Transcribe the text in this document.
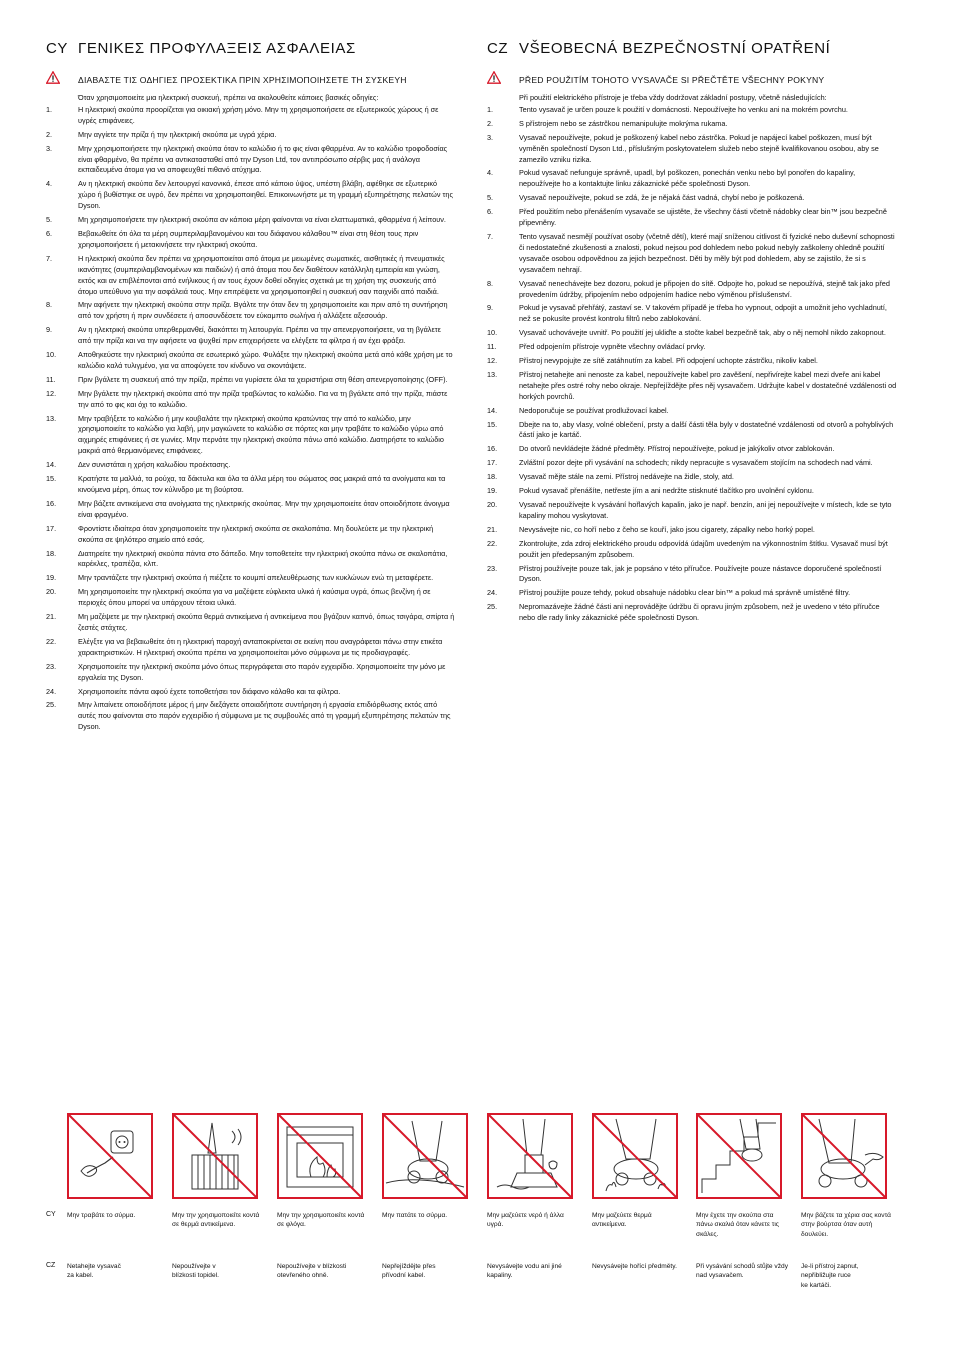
CY ΓΕΝΙΚΕΣ ΠΡΟΦΥΛΑΞΕΙΣ ΑΣΦΑΛΕΙΑΣ
ΔΙΑΒΑΣΤΕ ΤΙΣ ΟΔΗΓΙΕΣ ΠΡΟΣΕΚΤΙΚΑ ΠΡΙΝ ΧΡΗΣΙΜΟΠΟΙΗΣΕΤΕ ΤΗ ΣΥΣΚΕΥΗ
Όταν χρησιμοποιείτε μια ηλεκτρική συσκευή, πρέπει να ακολουθείτε κάποιες βασικές οδηγίες:
1.	Η ηλεκτρική σκούπα προορίζεται για οικιακή χρήση μόνο. Μην τη χρησιμοποιήσετε σε εξωτερικούς χώρους ή σε υγρές επιφάνειες.
2.	Μην αγγίετε την πρίζα ή την ηλεκτρική σκούπα με υγρά χέρια.
3.	Μην χρησιμοποιήσετε την ηλεκτρική σκούπα όταν το καλώδιο ή το φις είναι φθαρμένα. Αν το καλώδιο τροφοδοσίας είναι φθαρμένο, θα πρέπει να αντικατασταθεί από την Dyson Ltd, τον αντιπρόσωπο σέρβις μας ή ανάλογα εκπαιδευμένα άτομα για να αποφευχθεί πιθανό ατύχημα.
4.	Αν η ηλεκτρική σκούπα δεν λειτουργεί κανονικά, έπεσε από κάποιο ύψος, υπέστη βλάβη, αφέθηκε σε εξωτερικό χώρο ή βυθίστηκε σε υγρό, δεν πρέπει να χρησιμοποιηθεί. Επικοινωνήστε με τη γραμμή εξυπηρέτησης πελατών της Dyson.
5.	Μη χρησιμοποιήσετε την ηλεκτρική σκούπα αν κάποια μέρη φαίνονται να είναι ελαττωματικά, φθαρμένα ή λείπουν.
6.	Βεβαιωθείτε ότι όλα τα μέρη συμπεριλαμβανομένου και του διάφανου κάλαθου™ είναι στη θέση τους πριν χρησιμοποιήσετε ή μετακινήσετε την ηλεκτρική σκούπα.
7.	Η ηλεκτρική σκούπα δεν πρέπει να χρησιμοποιείται από άτομα με μειωμένες σωματικές, αισθητικές ή πνευματικές ικανότητες (συμπεριλαμβανομένων και παιδιών) ή από άτομα που δεν διαθέτουν κατάλληλη εμπειρία και γνώση, εκτός και αν επιβλέπονται από ενήλικους ή αν τους έχουν δοθεί οδηγίες σχετικά με τη χρήση της συσκευής από άτομο υπεύθυνο για την ασφάλειά τους. Μην επιτρέψετε να χρησιμοποιηθεί η συσκευή σαν παιχνίδι από παιδιά.
8.	Μην αφήνετε την ηλεκτρική σκούπα στην πρίζα. Βγάλτε την όταν δεν τη χρησιμοποιείτε και πριν από τη συντήρηση από τον χρήστη ή πριν συνδέσετε ή αποσυνδέσετε τον εύκαμπτο σωλήνα ή αλλάξετε αξεσουάρ.
9.	Αν η ηλεκτρική σκούπα υπερθερμανθεί, διακόπτει τη λειτουργία. Πρέπει να την απενεργοποιήσετε, να τη βγάλετε από την πρίζα και να την αφήσετε να ψυχθεί πριν επιχειρήσετε να ελέγξετε τα φίλτρα ή αν έχει φράξει.
10.	Αποθηκεύστε την ηλεκτρική σκούπα σε εσωτερικό χώρο. Φυλάξτε την ηλεκτρική σκούπα μετά από κάθε χρήση με το καλώδιο καλά τυλιγμένο, για να αποφύγετε τον κίνδυνο να σκοντάψετε.
11.	Πριν βγάλετε τη συσκευή από την πρίζα, πρέπει να γυρίσετε όλα τα χειριστήρια στη θέση απενεργοποίησης (OFF).
12.	Μην βγάλετε την ηλεκτρική σκούπα από την πρίζα τραβώντας το καλώδιο. Για να τη βγάλετε από την πρίζα, πιάστε την από το φις και όχι το καλώδιο.
13.	Μην τραβήξετε το καλώδιο ή μην κουβαλάτε την ηλεκτρική σκούπα κρατώντας την από το καλώδιο, μην χρησιμοποιείτε το καλώδιο για λαβή, μην μαγκώνετε το καλώδιο σε πόρτες και μην τραβάτε το καλώδιο γύρω από αιχμηρές επιφάνειες ή σε γωνίες. Μην περνάτε την ηλεκτρική σκούπα πάνω από καλώδιο. Διατηρήστε το καλώδιο μακριά από θερμαινόμενες επιφάνειες.
14.	Δεν συνιστάται η χρήση καλωδίου προέκτασης.
15.	Κρατήστε τα μαλλιά, τα ρούχα, τα δάκτυλα και όλα τα άλλα μέρη του σώματος σας μακριά από τα ανοίγματα και τα κινούμενα μέρη, όπως τον κύλινδρο με τη βούρτσα.
16.	Μην βάζετε αντικείμενα στα ανοίγματα της ηλεκτρικής σκούπας. Μην την χρησιμοποιείτε όταν οποιοδήποτε άνοιγμα είναι φραγμένο.
17.	Φροντίστε ιδιαίτερα όταν χρησιμοποιείτε την ηλεκτρική σκούπα σε σκαλοπάτια. Μη δουλεύετε με την ηλεκτρική σκούπα σε ψηλότερο σημείο από εσάς.
18.	Διατηρείτε την ηλεκτρική σκούπα πάντα στο δάπεδο. Μην τοποθετείτε την ηλεκτρική σκούπα πάνω σε σκαλοπάτια, καρέκλες, τραπέζια, κλπ.
19.	Μην τραντάζετε την ηλεκτρική σκούπα ή πιέζετε το κουμπί απελευθέρωσης των κυκλώνων ενώ τη μεταφέρετε.
20.	Μη χρησιμοποιείτε την ηλεκτρική σκούπα για να μαζέψετε εύφλεκτα υλικά ή καύσιμα υγρά, όπως βενζίνη ή σε περιοχές όπου μπορεί να υπάρχουν τέτοια υλικά.
21.	Μη μαζέψετε με την ηλεκτρική σκούπα θερμά αντικείμενα ή αντικείμενα που βγάζουν καπνό, όπως τσιγάρα, σπίρτα ή ζεστές στάχτες.
22.	Ελέγξτε για να βεβαιωθείτε ότι η ηλεκτρική παροχή ανταποκρίνεται σε εκείνη που αναγράφεται πάνω στην ετικέτα χαρακτηριστικών. Η ηλεκτρική σκούπα πρέπει να χρησιμοποιείται μόνο σύμφωνα με τις προδιαγραφές.
23.	Χρησιμοποιείτε την ηλεκτρική σκούπα μόνο όπως περιγράφεται στο παρόν εγχειρίδιο. Χρησιμοποιείτε την μόνο με εργαλεία της Dyson.
24.	Χρησιμοποιείτε πάντα αφού έχετε τοποθετήσει τον διάφανο κάλαθο και τα φίλτρα.
25.	Μην λιπαίνετε οποιοδήποτε μέρος ή μην διεξάγετε οποιαδήποτε συντήρηση ή εργασία επιδιόρθωσης εκτός από αυτές που φαίνονται στο παρόν εγχειρίδιο ή σύμφωνα με τις συμβουλές από τη γραμμή εξυπηρέτησης πελατών της Dyson.
CZ VŠEOBECNÁ BEZPEČNOSTNÍ OPATŘENÍ
PŘED POUŽITÍM TOHOTO VYSAVAČE SI PŘEČTĚTE VŠECHNY POKYNY
Při použití elektrického přístroje je třeba vždy dodržovat základní postupy, včetně následujících:
1.	Tento vysavač je určen pouze k použití v domácnosti. Nepoužívejte ho venku ani na mokrém povrchu.
2.	S přístrojem nebo se zástrčkou nemanipulujte mokrýma rukama.
3.	Vysavač nepoužívejte, pokud je poškozený kabel nebo zástrčka. Pokud je napájecí kabel poškozen, musí být vyměněn společností Dyson Ltd., příslušným poskytovatelem služeb nebo stejně kvalifikovanou osobou, aby se zamezilo vzniku rizika.
4.	Pokud vysavač nefunguje správně, upadl, byl poškozen, ponechán venku nebo byl ponořen do kapaliny, nepoužívejte ho a kontaktujte linku zákaznické péče společnosti Dyson.
5.	Vysavač nepoužívejte, pokud se zdá, že je nějaká část vadná, chybí nebo je poškozená.
6.	Před použitím nebo přenášením vysavače se ujistěte, že všechny části včetně nádobky clear bin™ jsou bezpečně připevněny.
7.	Tento vysavač nesmějí používat osoby (včetně dětí), které mají sníženou citlivost či fyzické nebo duševní schopnosti či nedostatečné zkušenosti a znalosti, pokud nejsou pod dohledem nebo pokud nebyly zaškoleny ohledně použití vysavače osobou odpovědnou za jejich bezpečnost. Děti by měly být pod dohledem, aby se zajistilo, že si s vysavačem nehrají.
8.	Vysavač nenechávejte bez dozoru, pokud je připojen do sítě. Odpojte ho, pokud se nepoužívá, stejně tak jako před provedením údržby, připojením nebo odpojením hadice nebo výměnou příslušenství.
9.	Pokud je vysavač přehřátý, zastaví se. V takovém případě je třeba ho vypnout, odpojit a umožnit jeho vychladnutí, než se pokusíte provést kontrolu filtrů nebo zablokování.
10.	Vysavač uchovávejte uvnitř. Po použití jej ukliďte a stočte kabel bezpečně tak, aby o něj nemohl nikdo zakopnout.
11.	Před odpojením přístroje vypněte všechny ovládací prvky.
12.	Přístroj nevypojujte ze sítě zatáhnutím za kabel. Při odpojení uchopte zástrčku, nikoliv kabel.
13.	Přístroj netahejte ani nenoste za kabel, nepoužívejte kabel pro zavěšení, nepřivírejte kabel mezi dveře ani kabel netahejte přes ostré rohy nebo okraje. Nepřejíždějte přes něj vysavačem. Udržujte kabel v dostatečné vzdálenosti od horkých povrchů.
14.	Nedoporučuje se používat prodlužovací kabel.
15.	Dbejte na to, aby vlasy, volné oblečení, prsty a další části těla byly v dostatečné vzdálenosti od otvorů a pohyblivých částí jako je kartáč.
16.	Do otvorů nevkládejte žádné předměty. Přístroj nepoužívejte, pokud je jakýkoliv otvor zablokován.
17.	Zvláštní pozor dejte při vysávání na schodech; nikdy nepracujte s vysavačem stojícím na schodech nad vámi.
18.	Vysavač mějte stále na zemi. Přístroj nedávejte na židle, stoly, atd.
19.	Pokud vysavač přenášíte, netřeste jím a ani nedržte stisknuté tlačítko pro uvolnění cyklonu.
20.	Vysavač nepoužívejte k vysávání hořlavých kapalin, jako je např. benzín, ani jej nepoužívejte v místech, kde se tyto kapaliny mohou vyskytovat.
21.	Nevysávejte nic, co hoří nebo z čeho se kouří, jako jsou cigarety, zápalky nebo horký popel.
22.	Zkontrolujte, zda zdroj elektrického proudu odpovídá údajům uvedeným na výkonnostním štítku. Vysavač musí být použit jen předepsaným způsobem.
23.	Přístroj používejte pouze tak, jak je popsáno v této příručce. Používejte pouze nástavce doporučené společností Dyson.
24.	Přístroj použijte pouze tehdy, pokud obsahuje nádobku clear bin™ a pokud má správně umístěné filtry.
25.	Nepromazávejte žádné části ani neprovádějte údržbu či opravu jiným způsobem, než je uvedeno v této příručce nebo dle rady linky zákaznické péče společnosti Dyson.
CY
CZ
Μην τραβάτε το σύρμα.
Netahejte vysavač
za kabel.
Μην την χρησιμοποιείτε κοντά σε θερμά αντικείμενα.
Nepoužívejte v
blízkosti topidel.
Μην την χρησιμοποιείτε κοντά σε φλόγα.
Nepoužívejte v blízkosti otevřeného ohně.
Μην πατάτε το σύρμα.
Nepřejíždějte přes
přívodní kabel.
Μην μαζεύετε νερό ή άλλα υγρά.
Nevysávejte vodu ani jiné kapaliny.
Μην μαζεύετε θερμά αντικείμενα.
Nevysávejte hořící předměty.
Μην έχετε την σκούπα στα πάνω σκαλιά όταν κάνετε τις σκάλες.
Při vysávání schodů stůjte vždy nad vysavačem.
Μην βάζετε τα χέρια σας κοντά στην βούρτσα όταν αυτή δουλεύει.
Je-li přístroj zapnut, nepřibližujte ruce
ke kartáči.
